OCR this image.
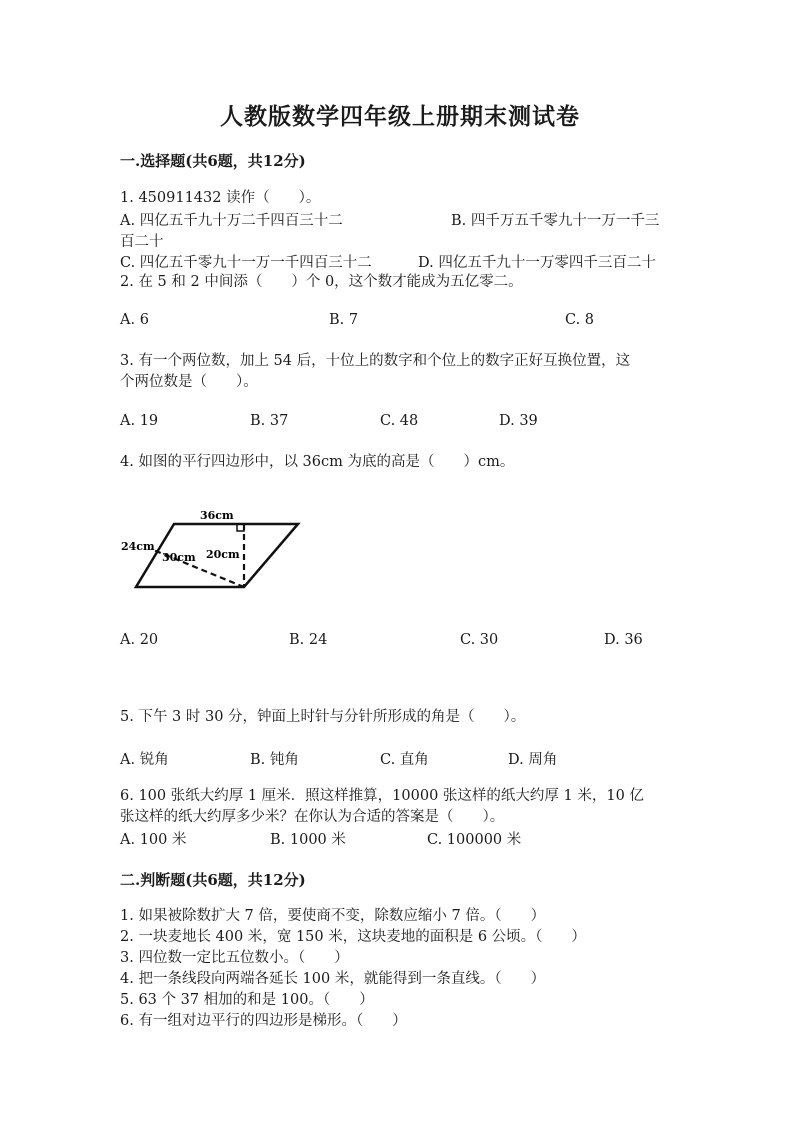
人教版数学四年级上册期末测试卷
一.选择题(共6题，共12分)
1. 450911432 读作（　　）。
A. 四亿五千九十万二千四百三十二	B. 四千万五千零九十一万一千三
百二十
C. 四亿五千零九十一万一千四百三十二	D. 四亿五千九十一万零四千三百二十
2. 在 5 和 2 中间添（　　）个 0，这个数才能成为五亿零二。
A. 6	B. 7	C. 8
3. 有一个两位数，加上 54 后，十位上的数字和个位上的数字正好互换位置，这
个两位数是（　　）。
A. 19	B. 37	C. 48	D. 39
4. 如图的平行四边形中，以 36cm 为底的高是（　　）cm。
36cm
24cm
30cm 20cm
A. 20	B. 24	C. 30	D. 36
5. 下午 3 时 30 分，钟面上时针与分针所形成的角是（　　）。
A. 锐角	B. 钝角	C. 直角	D. 周角
6. 100 张纸大约厚 1 厘米．照这样推算，10000 张这样的纸大约厚 1 米，10 亿
张这样的纸大约厚多少米？在你认为合适的答案是（　　）。
A. 100 米	B. 1000 米	C. 100000 米
二.判断题(共6题，共12分)
1. 如果被除数扩大 7 倍，要使商不变，除数应缩小 7 倍。（　　）
2. 一块麦地长 400 米，宽 150 米，这块麦地的面积是 6 公顷。（　　）
3. 四位数一定比五位数小。（　　）
4. 把一条线段向两端各延长 100 米，就能得到一条直线。（　　）
5. 63 个 37 相加的和是 100。（　　）
6. 有一组对边平行的四边形是梯形。（　　）
